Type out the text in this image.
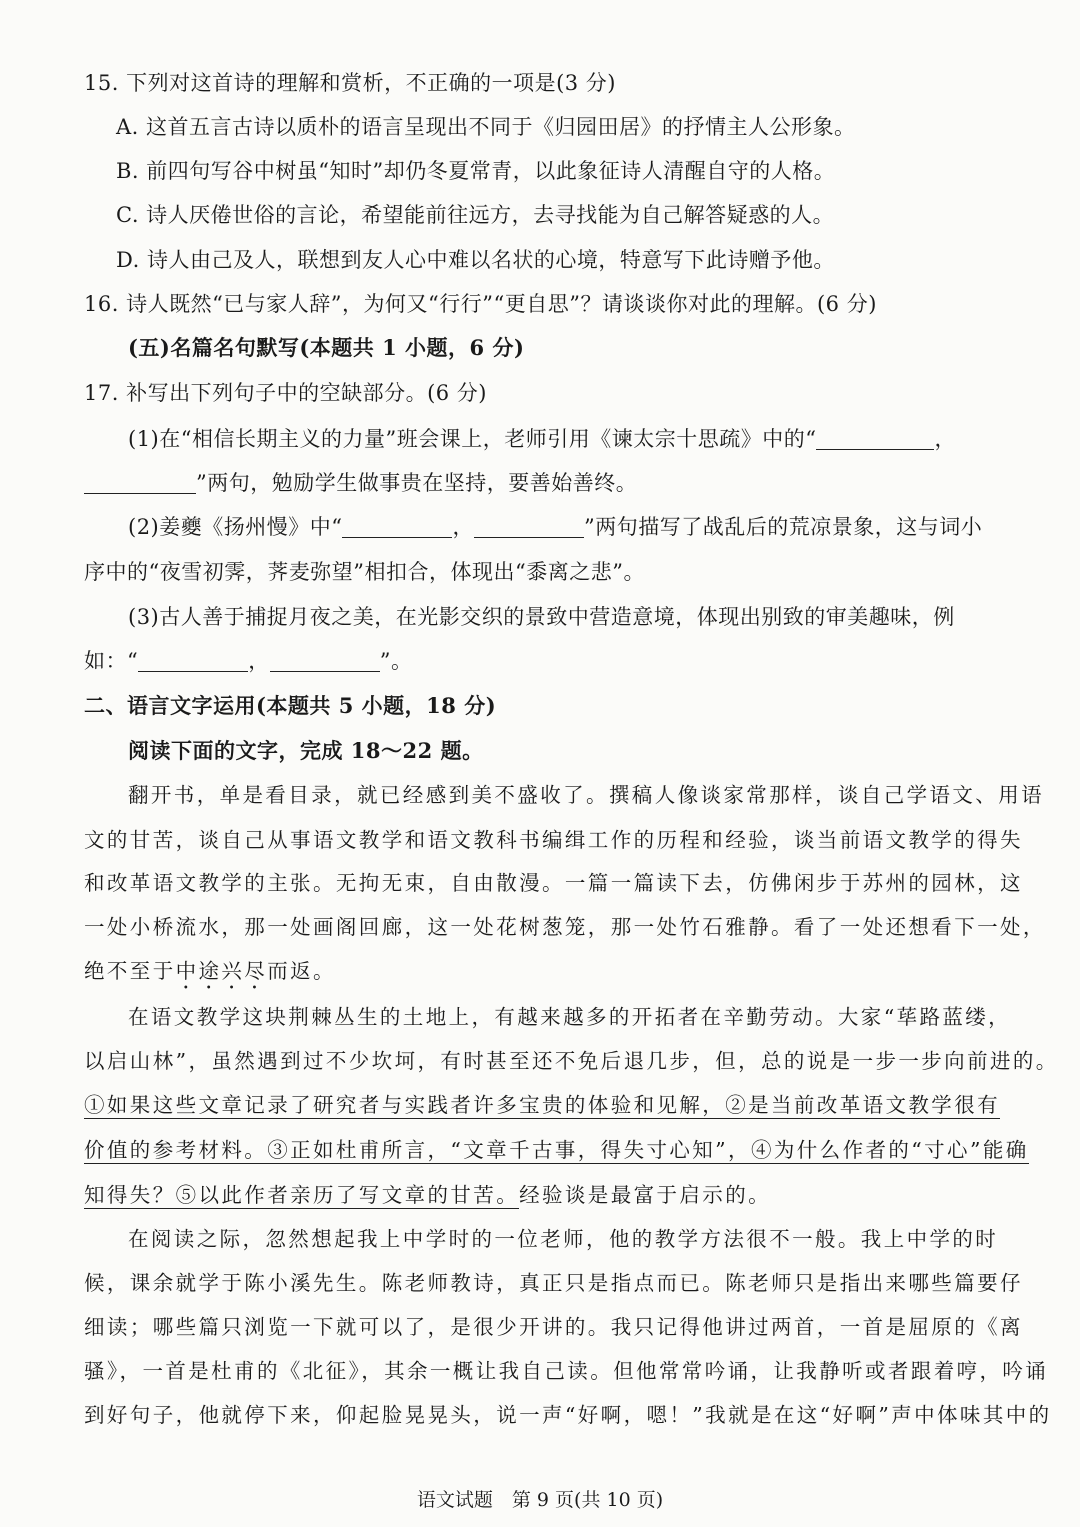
15. 下列对这首诗的理解和赏析，不正确的一项是(3 分)
A. 这首五言古诗以质朴的语言呈现出不同于《归园田居》的抒情主人公形象。
B. 前四句写谷中树虽“知时”却仍冬夏常青，以此象征诗人清醒自守的人格。
C. 诗人厌倦世俗的言论，希望能前往远方，去寻找能为自己解答疑惑的人。
D. 诗人由己及人，联想到友人心中难以名状的心境，特意写下此诗赠予他。
16. 诗人既然“已与家人辞”，为何又“行行”“更自思”？请谈谈你对此的理解。(6 分)
(五)名篇名句默写(本题共 1 小题，6 分)
17. 补写出下列句子中的空缺部分。(6 分)
(1)在“相信长期主义的力量”班会课上，老师引用《谏太宗十思疏》中的“	，
”两句，勉励学生做事贵在坚持，要善始善终。
(2)姜夔《扬州慢》中“	，	”两句描写了战乱后的荒凉景象，这与词小
序中的“夜雪初霁，荠麦弥望”相扣合，体现出“黍离之悲”。
(3)古人善于捕捉月夜之美，在光影交织的景致中营造意境，体现出别致的审美趣味，例
如：“	，	”。
二、语言文字运用(本题共 5 小题，18 分)
阅读下面的文字，完成 18～22 题。
翻开书，单是看目录，就已经感到美不盛收了。撰稿人像谈家常那样，谈自己学语文、用语
文的甘苦，谈自己从事语文教学和语文教科书编缉工作的历程和经验，谈当前语文教学的得失
和改革语文教学的主张。无拘无束，自由散漫。一篇一篇读下去，仿佛闲步于苏州的园林，这
一处小桥流水，那一处画阁回廊，这一处花树葱笼，那一处竹石雅静。看了一处还想看下一处，
绝不至于中途兴尽而返。
在语文教学这块荆棘丛生的土地上，有越来越多的开拓者在辛勤劳动。大家“荜路蓝缕，
以启山林”，虽然遇到过不少坎坷，有时甚至还不免后退几步，但，总的说是一步一步向前进的。
①如果这些文章记录了研究者与实践者许多宝贵的体验和见解，②是当前改革语文教学很有
价值的参考材料。③正如杜甫所言，“文章千古事，得失寸心知”，④为什么作者的“寸心”能确
知得失？⑤以此作者亲历了写文章的甘苦。经验谈是最富于启示的。
在阅读之际，忽然想起我上中学时的一位老师，他的教学方法很不一般。我上中学的时
候，课余就学于陈小溪先生。陈老师教诗，真正只是指点而已。陈老师只是指出来哪些篇要仔
细读；哪些篇只浏览一下就可以了，是很少开讲的。我只记得他讲过两首，一首是屈原的《离
骚》，一首是杜甫的《北征》，其余一概让我自己读。但他常常吟诵，让我静听或者跟着哼，吟诵
到好句子，他就停下来，仰起脸晃晃头，说一声“好啊，嗯！”我就是在这“好啊”声中体味其中的
语文试题　第 9 页(共 10 页)
